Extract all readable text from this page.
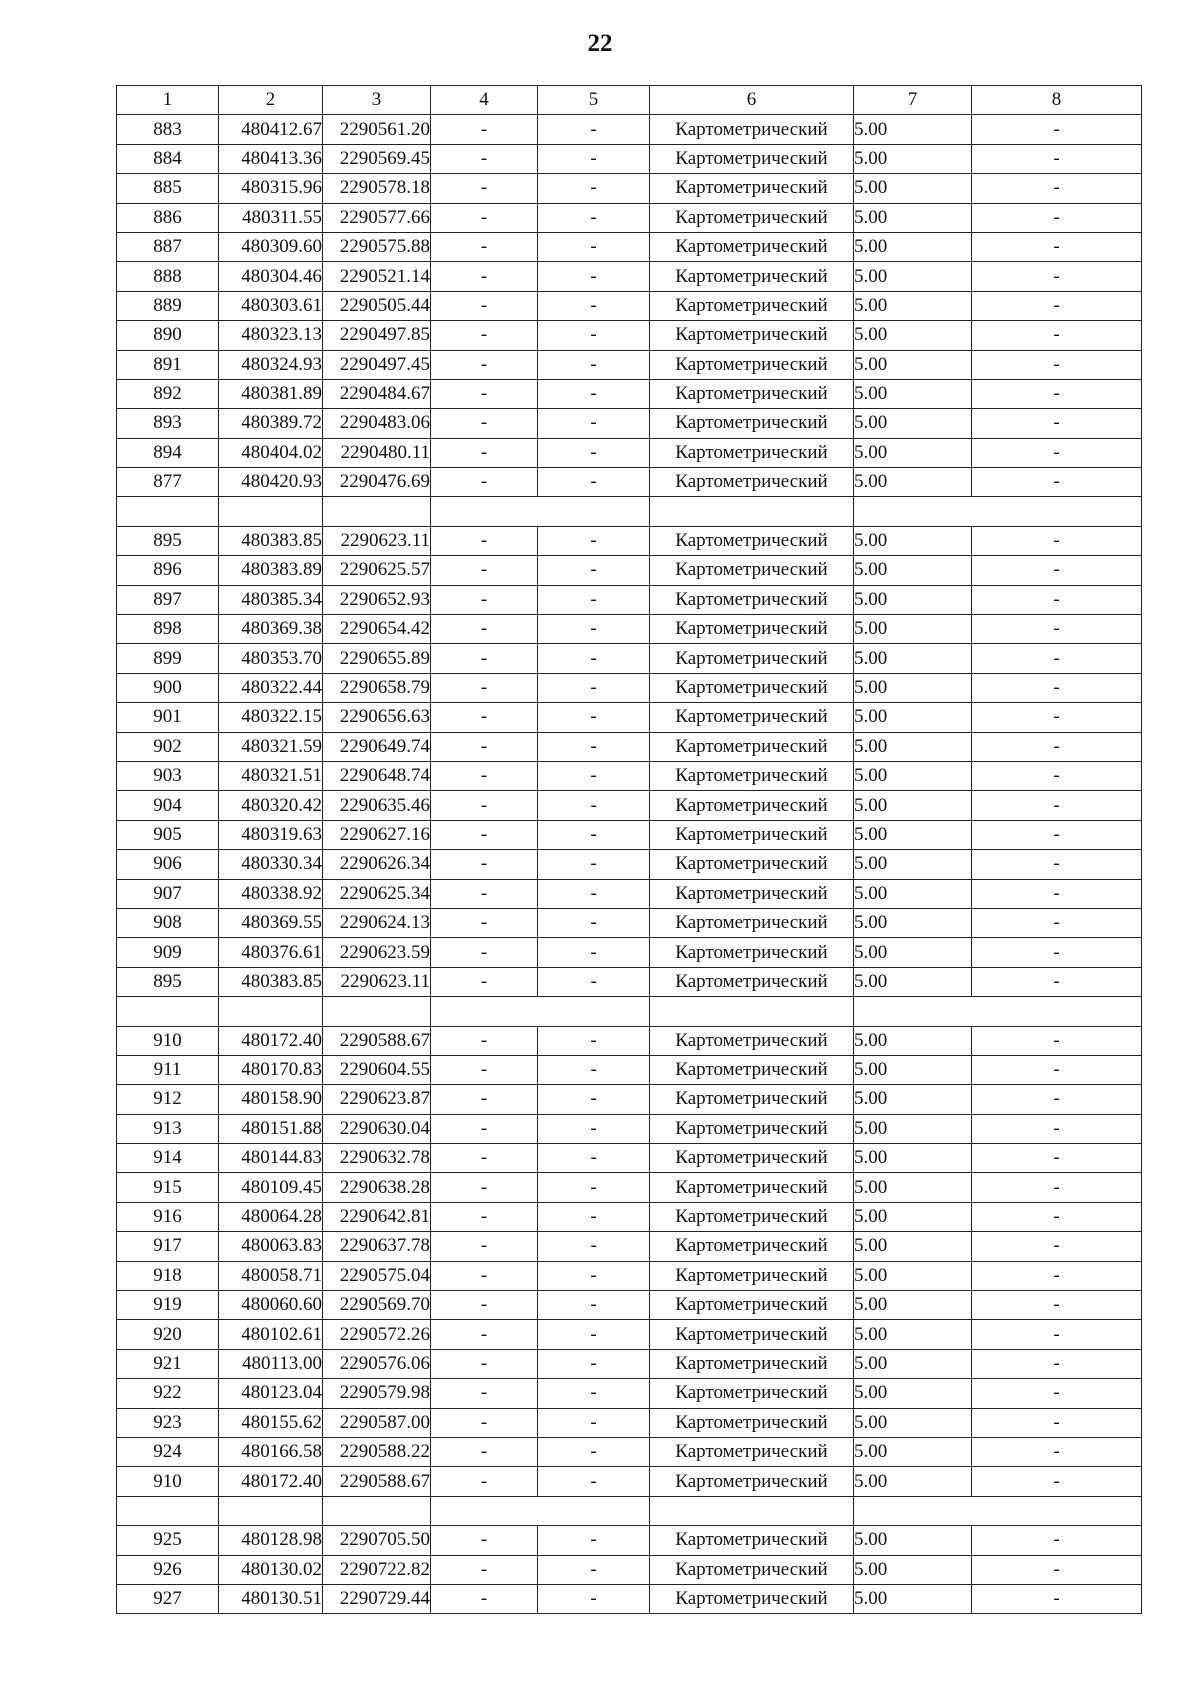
22
1	2	3	4	5	6	7	8
883	480412.67	2290561.20	-	-	Картометрический	5.00	-
884	480413.36	2290569.45	-	-	Картометрический	5.00	-
885	480315.96	2290578.18	-	-	Картометрический	5.00	-
886	480311.55	2290577.66	-	-	Картометрический	5.00	-
887	480309.60	2290575.88	-	-	Картометрический	5.00	-
888	480304.46	2290521.14	-	-	Картометрический	5.00	-
889	480303.61	2290505.44	-	-	Картометрический	5.00	-
890	480323.13	2290497.85	-	-	Картометрический	5.00	-
891	480324.93	2290497.45	-	-	Картометрический	5.00	-
892	480381.89	2290484.67	-	-	Картометрический	5.00	-
893	480389.72	2290483.06	-	-	Картометрический	5.00	-
894	480404.02	2290480.11	-	-	Картометрический	5.00	-
877	480420.93	2290476.69	-	-	Картометрический	5.00	-

895	480383.85	2290623.11	-	-	Картометрический	5.00	-
896	480383.89	2290625.57	-	-	Картометрический	5.00	-
897	480385.34	2290652.93	-	-	Картометрический	5.00	-
898	480369.38	2290654.42	-	-	Картометрический	5.00	-
899	480353.70	2290655.89	-	-	Картометрический	5.00	-
900	480322.44	2290658.79	-	-	Картометрический	5.00	-
901	480322.15	2290656.63	-	-	Картометрический	5.00	-
902	480321.59	2290649.74	-	-	Картометрический	5.00	-
903	480321.51	2290648.74	-	-	Картометрический	5.00	-
904	480320.42	2290635.46	-	-	Картометрический	5.00	-
905	480319.63	2290627.16	-	-	Картометрический	5.00	-
906	480330.34	2290626.34	-	-	Картометрический	5.00	-
907	480338.92	2290625.34	-	-	Картометрический	5.00	-
908	480369.55	2290624.13	-	-	Картометрический	5.00	-
909	480376.61	2290623.59	-	-	Картометрический	5.00	-
895	480383.85	2290623.11	-	-	Картометрический	5.00	-

910	480172.40	2290588.67	-	-	Картометрический	5.00	-
911	480170.83	2290604.55	-	-	Картометрический	5.00	-
912	480158.90	2290623.87	-	-	Картометрический	5.00	-
913	480151.88	2290630.04	-	-	Картометрический	5.00	-
914	480144.83	2290632.78	-	-	Картометрический	5.00	-
915	480109.45	2290638.28	-	-	Картометрический	5.00	-
916	480064.28	2290642.81	-	-	Картометрический	5.00	-
917	480063.83	2290637.78	-	-	Картометрический	5.00	-
918	480058.71	2290575.04	-	-	Картометрический	5.00	-
919	480060.60	2290569.70	-	-	Картометрический	5.00	-
920	480102.61	2290572.26	-	-	Картометрический	5.00	-
921	480113.00	2290576.06	-	-	Картометрический	5.00	-
922	480123.04	2290579.98	-	-	Картометрический	5.00	-
923	480155.62	2290587.00	-	-	Картометрический	5.00	-
924	480166.58	2290588.22	-	-	Картометрический	5.00	-
910	480172.40	2290588.67	-	-	Картометрический	5.00	-

925	480128.98	2290705.50	-	-	Картометрический	5.00	-
926	480130.02	2290722.82	-	-	Картометрический	5.00	-
927	480130.51	2290729.44	-	-	Картометрический	5.00	-
